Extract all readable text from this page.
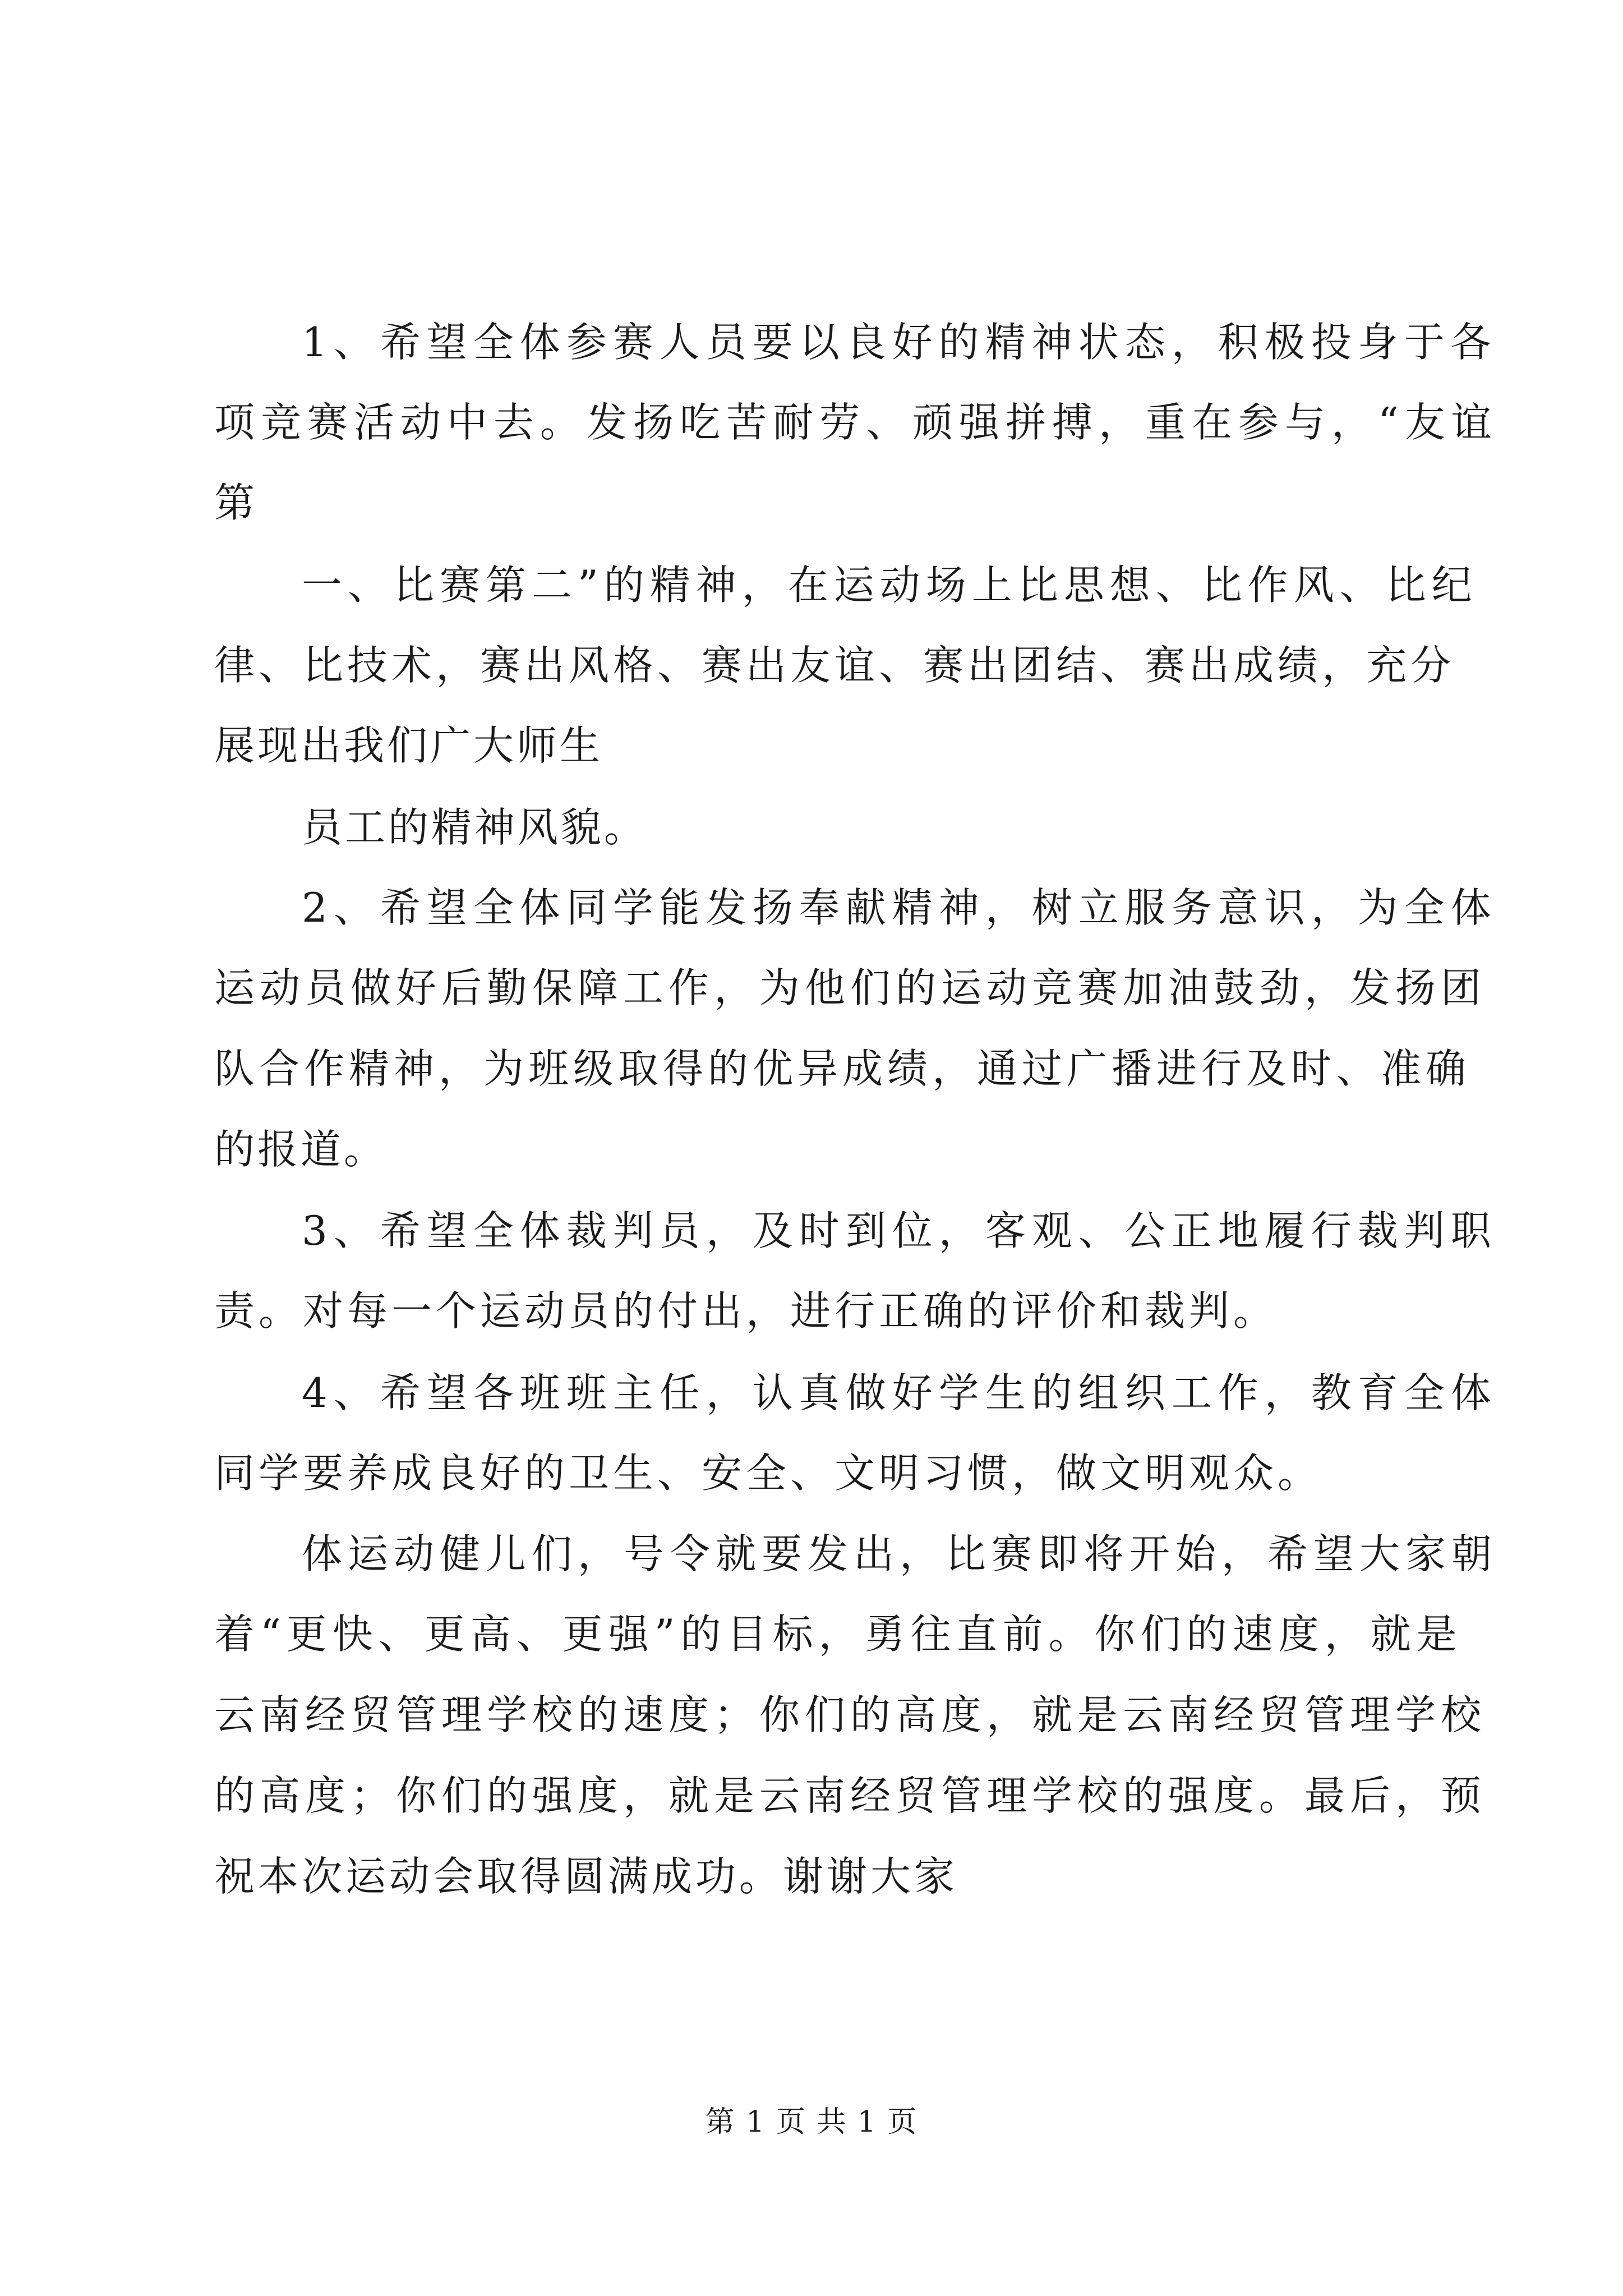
1、希望全体参赛人员要以良好的精神状态，积极投身于各

项竞赛活动中去。发扬吃苦耐劳、顽强拼搏，重在参与，“友谊

第

一、比赛第二”的精神，在运动场上比思想、比作风、比纪

律、比技术，赛出风格、赛出友谊、赛出团结、赛出成绩，充分

展现出我们广大师生

员工的精神风貌。

2、希望全体同学能发扬奉献精神，树立服务意识，为全体

运动员做好后勤保障工作，为他们的运动竞赛加油鼓劲，发扬团

队合作精神，为班级取得的优异成绩，通过广播进行及时、准确

的报道。

3、希望全体裁判员，及时到位，客观、公正地履行裁判职

责。对每一个运动员的付出，进行正确的评价和裁判。

4、希望各班班主任，认真做好学生的组织工作，教育全体

同学要养成良好的卫生、安全、文明习惯，做文明观众。

体运动健儿们，号令就要发出，比赛即将开始，希望大家朝

着“更快、更高、更强”的目标，勇往直前。你们的速度，就是

云南经贸管理学校的速度；你们的高度，就是云南经贸管理学校

的高度；你们的强度，就是云南经贸管理学校的强度。最后，预

祝本次运动会取得圆满成功。谢谢大家

第 1 页 共 1 页
